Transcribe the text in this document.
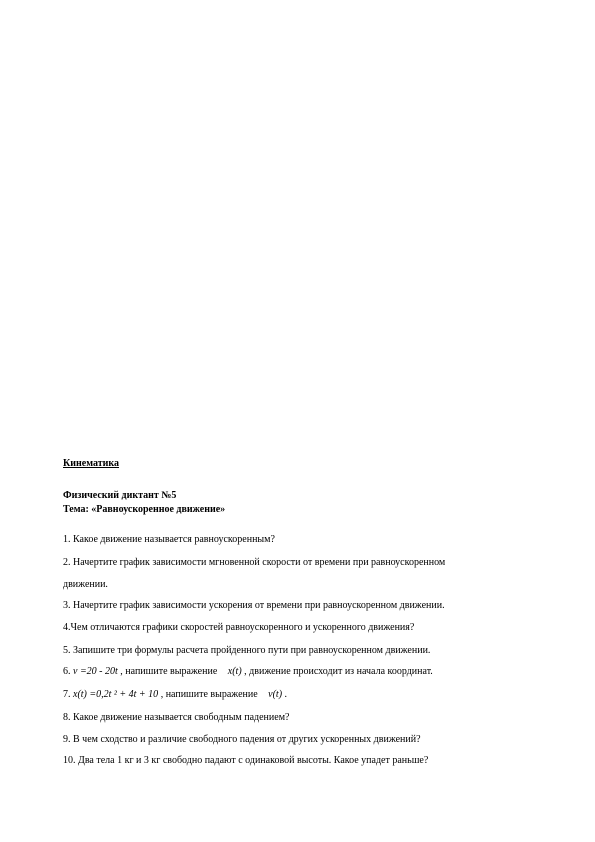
Кинематика
Физический диктант №5
Тема: «Равноускоренное движение»
1. Какое движение называется равноускоренным?
2. Начертите график зависимости мгновенной скорости от времени при равноускоренном
движении.
3. Начертите график зависимости ускорения от времени при равноускоренном движении.
4.Чем отличаются графики скоростей равноускоренного и ускоренного движения?
5. Запишите три формулы расчета пройденного пути при равноускоренном движении.
6. ν =20 - 20t , напишите выражение x(t) , движение происходит из начала координат.
7. x(t) =0,2t ² + 4t + 10 , напишите выражение ν(t) .
8. Какое движение называется свободным падением?
9. В чем сходство и различие свободного падения от других ускоренных движений?
10. Два тела 1 кг и 3 кг свободно падают с одинаковой высоты. Какое упадет раньше?
